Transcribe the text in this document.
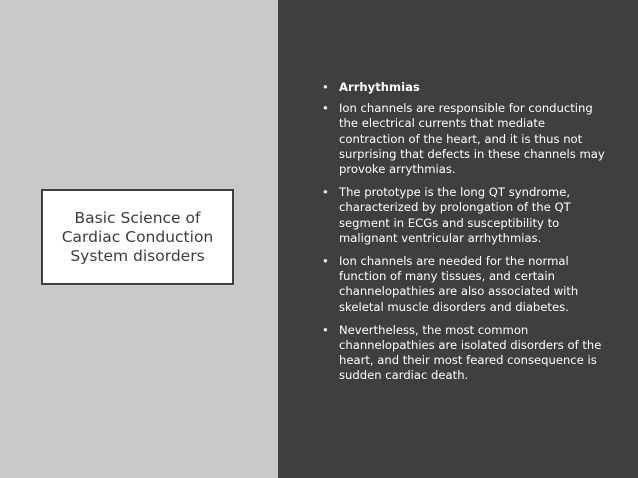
Basic Science of
Cardiac Conduction
System disorders

• Arrhythmias
• Ion channels are responsible for conducting the electrical currents that mediate contraction of the heart, and it is thus not surprising that defects in these channels may provoke arrythmias.
• The prototype is the long QT syndrome, characterized by prolongation of the QT segment in ECGs and susceptibility to malignant ventricular arrhythmias.
• Ion channels are needed for the normal function of many tissues, and certain channelopathies are also associated with skeletal muscle disorders and diabetes.
• Nevertheless, the most common channelopathies are isolated disorders of the heart, and their most feared consequence is sudden cardiac death.
